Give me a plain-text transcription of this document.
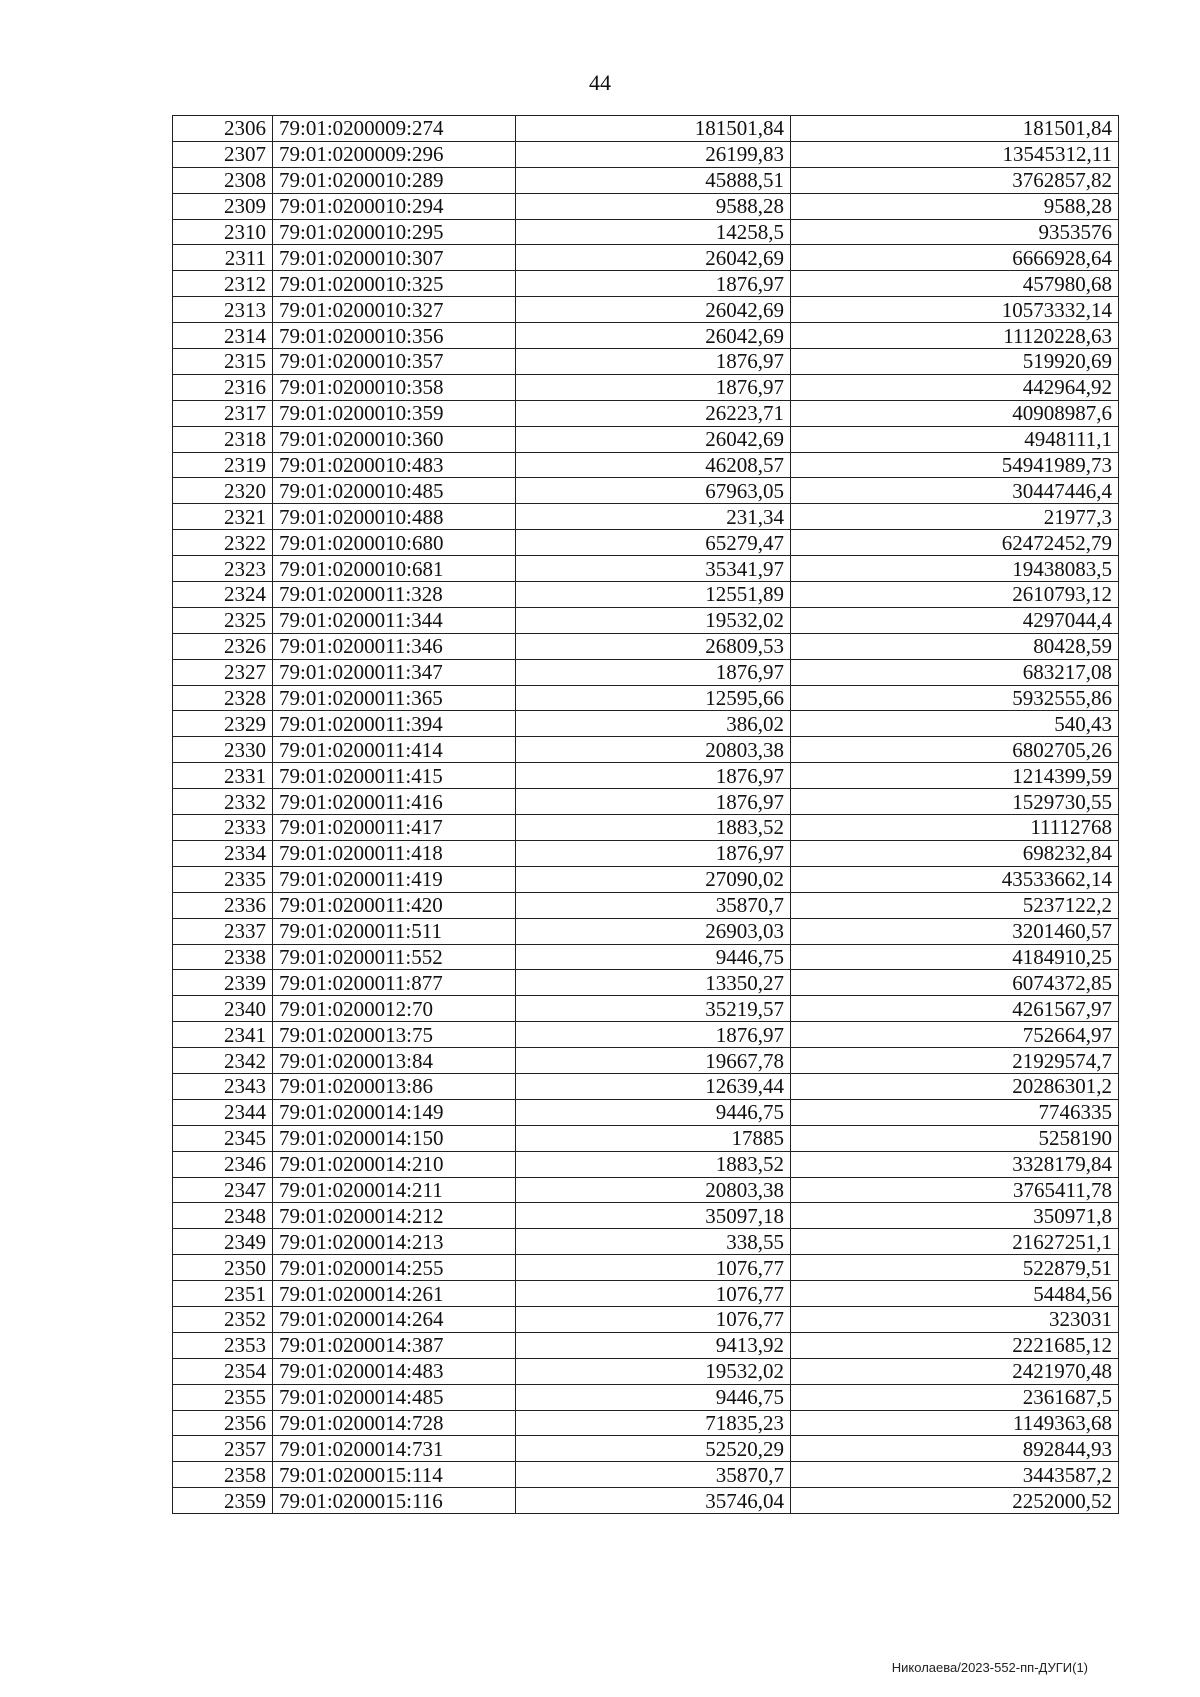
44
2306	79:01:0200009:274	181501,84	181501,84
2307	79:01:0200009:296	26199,83	13545312,11
2308	79:01:0200010:289	45888,51	3762857,82
2309	79:01:0200010:294	9588,28	9588,28
2310	79:01:0200010:295	14258,5	9353576
2311	79:01:0200010:307	26042,69	6666928,64
2312	79:01:0200010:325	1876,97	457980,68
2313	79:01:0200010:327	26042,69	10573332,14
2314	79:01:0200010:356	26042,69	11120228,63
2315	79:01:0200010:357	1876,97	519920,69
2316	79:01:0200010:358	1876,97	442964,92
2317	79:01:0200010:359	26223,71	40908987,6
2318	79:01:0200010:360	26042,69	4948111,1
2319	79:01:0200010:483	46208,57	54941989,73
2320	79:01:0200010:485	67963,05	30447446,4
2321	79:01:0200010:488	231,34	21977,3
2322	79:01:0200010:680	65279,47	62472452,79
2323	79:01:0200010:681	35341,97	19438083,5
2324	79:01:0200011:328	12551,89	2610793,12
2325	79:01:0200011:344	19532,02	4297044,4
2326	79:01:0200011:346	26809,53	80428,59
2327	79:01:0200011:347	1876,97	683217,08
2328	79:01:0200011:365	12595,66	5932555,86
2329	79:01:0200011:394	386,02	540,43
2330	79:01:0200011:414	20803,38	6802705,26
2331	79:01:0200011:415	1876,97	1214399,59
2332	79:01:0200011:416	1876,97	1529730,55
2333	79:01:0200011:417	1883,52	11112768
2334	79:01:0200011:418	1876,97	698232,84
2335	79:01:0200011:419	27090,02	43533662,14
2336	79:01:0200011:420	35870,7	5237122,2
2337	79:01:0200011:511	26903,03	3201460,57
2338	79:01:0200011:552	9446,75	4184910,25
2339	79:01:0200011:877	13350,27	6074372,85
2340	79:01:0200012:70	35219,57	4261567,97
2341	79:01:0200013:75	1876,97	752664,97
2342	79:01:0200013:84	19667,78	21929574,7
2343	79:01:0200013:86	12639,44	20286301,2
2344	79:01:0200014:149	9446,75	7746335
2345	79:01:0200014:150	17885	5258190
2346	79:01:0200014:210	1883,52	3328179,84
2347	79:01:0200014:211	20803,38	3765411,78
2348	79:01:0200014:212	35097,18	350971,8
2349	79:01:0200014:213	338,55	21627251,1
2350	79:01:0200014:255	1076,77	522879,51
2351	79:01:0200014:261	1076,77	54484,56
2352	79:01:0200014:264	1076,77	323031
2353	79:01:0200014:387	9413,92	2221685,12
2354	79:01:0200014:483	19532,02	2421970,48
2355	79:01:0200014:485	9446,75	2361687,5
2356	79:01:0200014:728	71835,23	1149363,68
2357	79:01:0200014:731	52520,29	892844,93
2358	79:01:0200015:114	35870,7	3443587,2
2359	79:01:0200015:116	35746,04	2252000,52
Николаева/2023-552-пп-ДУГИ(1)
